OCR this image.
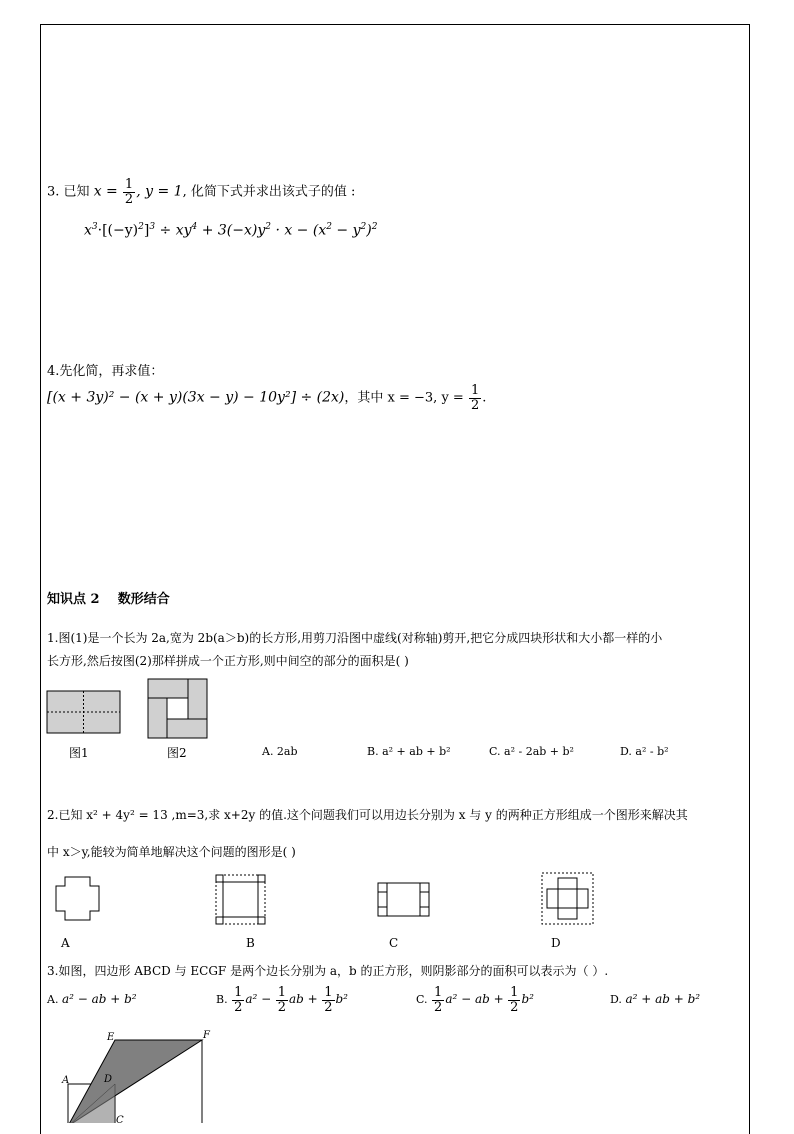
3. 已知 $x = \frac{1}{2}$ , y = 1, 化简下式并求出该式子的值 :
$x^3\cdot[(-y)^2]^3 \div xy^4 + 3(-x)y^2 \cdot x - (x^2 - y^2)^2$
4.先化简，再求值：
[(x + 3y)² − (x + y)(3x − y) − 10y²] ÷ (2x)，其中 x = −3, $y = \frac{1}{2}$ .
知识点 2 数形结合
1.图(1)是一个长为 2a,宽为 2b(a＞b)的长方形,用剪刀沿图中虚线(对称轴)剪开,把它分成四块形状和大小都一样的小
长方形,然后按图(2)那样拼成一个正方形,则中间空的部分的面积是( )
图1	图2	A. 2ab	B. a² + ab + b²	C. a² - 2ab + b²	D. a² - b²
2.已知 x² + 4y² = 13 ,m=3,求 x+2y 的值.这个问题我们可以用边长分别为 x 与 y 的两种正方形组成一个图形来解决其
中 x＞y,能较为简单地解决这个问题的图形是( )
A	B	C	D
3.如图，四边形 ABCD 与 ECGF 是两个边长分别为 a，b 的正方形，则阴影部分的面积可以表示为（ ）.
A. a² − ab + b²	B. $\frac{1}{2} a^2 - \frac{1}{2}$ ab + $\frac{1}{2} b^2$	C. $\frac{1}{2} a^2$ − ab + $\frac{1}{2} b^2$	D. a² + ab + b²
E	F
A	D
C
